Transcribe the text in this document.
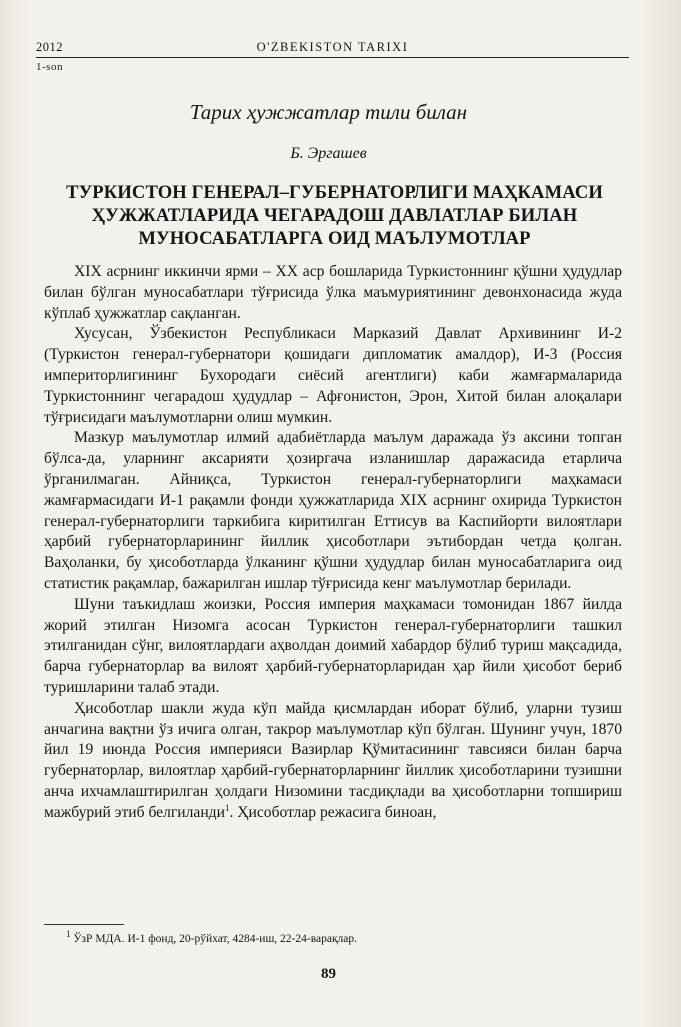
2012	O'ZBEKISTON TARIXI
1-son
Тарих ҳужжатлар тили билан
Б. Эргашев
ТУРКИСТОН ГЕНЕРАЛ–ГУБЕРНАТОРЛИГИ МАҲКАМАСИ
ҲУЖЖАТЛАРИДА ЧЕГАРАДОШ ДАВЛАТЛАР БИЛАН
МУНОСАБАТЛАРГА ОИД МАЪЛУМОТЛАР

XIX асрнинг иккинчи ярми – XX аср бошларида Туркистоннинг қўшни ҳудудлар билан бўлган муносабатлари тўғрисида ўлка маъмуриятининг девонхонасида жуда кўплаб ҳужжатлар сақланган.

Хусусан, Ўзбекистон Республикаси Марказий Давлат Архивининг И-2 (Туркистон генерал-губернатори қошидаги дипломатик амалдор), И-3 (Россия империторлигининг Бухородаги сиёсий агентлиги) каби жамғармаларида Туркистоннинг чегарадош ҳудудлар – Афғонистон, Эрон, Хитой билан алоқалари тўғрисидаги маълумотларни олиш мумкин.

Мазкур маълумотлар илмий адабиётларда маълум даражада ўз аксини топган бўлса-да, уларнинг аксарияти ҳозиргача изланишлар даражасида етарлича ўрганилмаган. Айниқса, Туркистон генерал-губернаторлиги маҳкамаси жамғармасидаги И-1 рақамли фонди ҳужжатларида XIX асрнинг охирида Туркистон генерал-губернаторлиги таркибига киритилган Еттисув ва Каспийорти вилоятлари ҳарбий губернаторларининг йиллик ҳисоботлари эътибордан четда қолган. Ваҳоланки, бу ҳисоботларда ўлканинг қўшни ҳудудлар билан муносабатларига оид статистик рақамлар, бажарилган ишлар тўғрисида кенг маълумотлар берилади.

Шуни таъкидлаш жоизки, Россия империя маҳкамаси томонидан 1867 йилда жорий этилган Низомга асосан Туркистон генерал-губернаторлиги ташкил этилганидан сўнг, вилоятлардаги аҳволдан доимий хабардор бўлиб туриш мақсадида, барча губернаторлар ва вилоят ҳарбий-губернаторларидан ҳар йили ҳисобот бериб туришларини талаб этади.

Ҳисоботлар шакли жуда кўп майда қисмлардан иборат бўлиб, уларни тузиш анчагина вақтни ўз ичига олган, такрор маълумотлар кўп бўлган. Шунинг учун, 1870 йил 19 июнда Россия империяси Вазирлар Қўмитасининг тавсияси билан барча губернаторлар, вилоятлар ҳарбий-губернаторларнинг йиллик ҳисоботларини тузишни анча ихчамлаштирилган ҳолдаги Низомини тасдиқлади ва ҳисоботларни топшириш мажбурий этиб белгиланди$^1$. Ҳисоботлар режасига биноан,

$^1$ ЎзР МДА. И-1 фонд, 20-рўйхат, 4284-иш, 22-24-варақлар.
89
